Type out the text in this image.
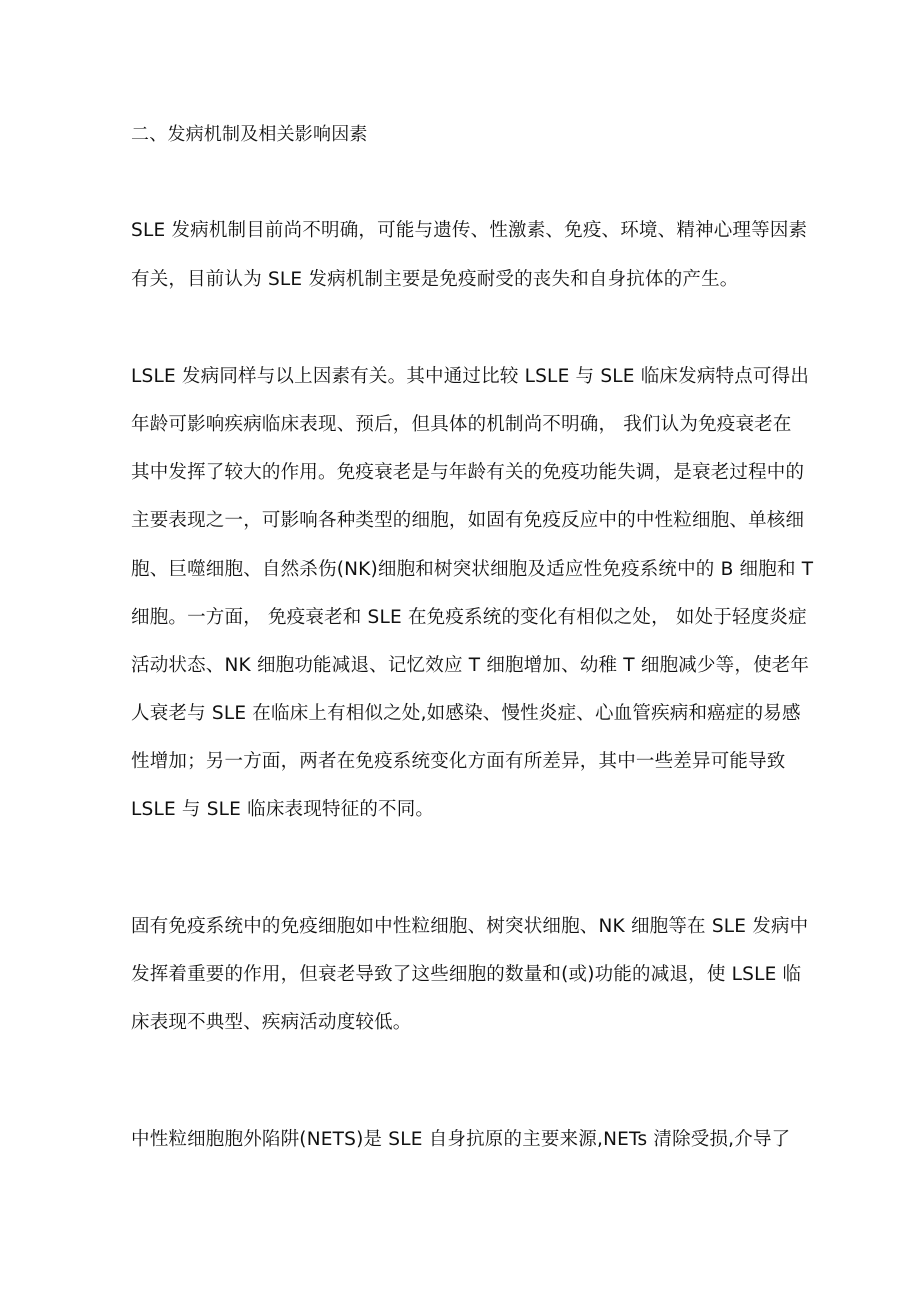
二、发病机制及相关影响因素
SLE 发病机制目前尚不明确，可能与遗传、性激素、免疫、环境、精神心理等因素
有关，目前认为 SLE 发病机制主要是免疫耐受的丧失和自身抗体的产生。
LSLE 发病同样与以上因素有关。其中通过比较 LSLE 与 SLE 临床发病特点可得出
年龄可影响疾病临床表现、预后，但具体的机制尚不明确， 我们认为免疫衰老在
其中发挥了较大的作用。免疫衰老是与年龄有关的免疫功能失调，是衰老过程中的
主要表现之一，可影响各种类型的细胞，如固有免疫反应中的中性粒细胞、单核细
胞、巨噬细胞、自然杀伤(NK)细胞和树突状细胞及适应性免疫系统中的 B 细胞和 T
细胞。一方面， 免疫衰老和 SLE 在免疫系统的变化有相似之处， 如处于轻度炎症
活动状态、NK 细胞功能减退、记忆效应 T 细胞增加、幼稚 T 细胞减少等，使老年
人衰老与 SLE 在临床上有相似之处,如感染、慢性炎症、心血管疾病和癌症的易感
性增加；另一方面，两者在免疫系统变化方面有所差异，其中一些差异可能导致
LSLE 与 SLE 临床表现特征的不同。
固有免疫系统中的免疫细胞如中性粒细胞、树突状细胞、NK 细胞等在 SLE 发病中
发挥着重要的作用，但衰老导致了这些细胞的数量和(或)功能的减退，使 LSLE 临
床表现不典型、疾病活动度较低。
中性粒细胞胞外陷阱(NETS)是 SLE 自身抗原的主要来源,NETs 清除受损,介导了
